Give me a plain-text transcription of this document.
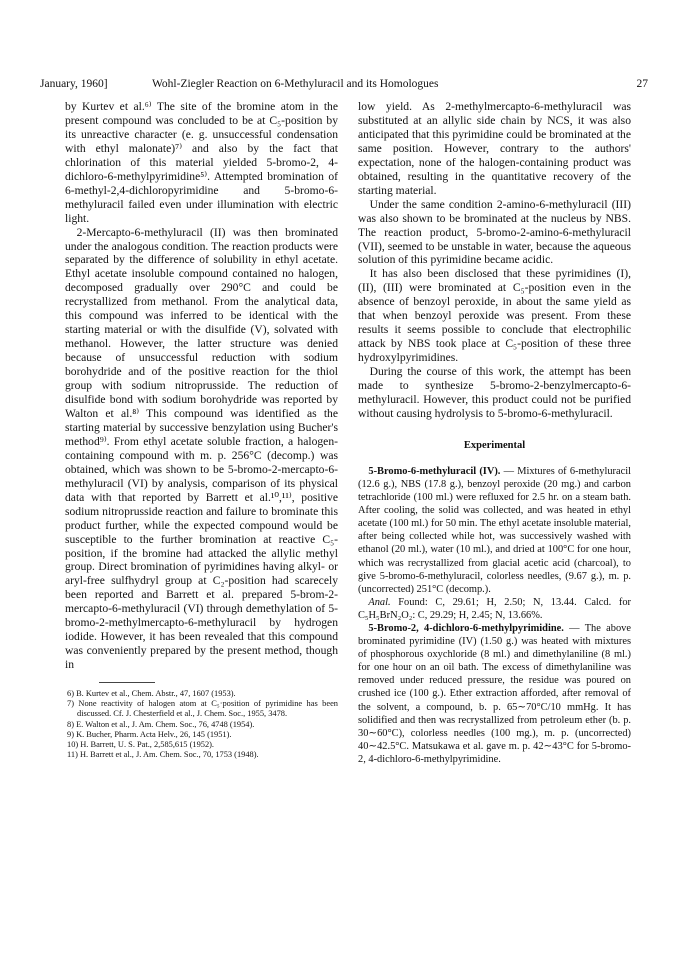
January, 1960]	Wohl-Ziegler Reaction on 6-Methyluracil and its Homologues	27

by Kurtev et al.⁶⁾ The site of the bromine atom in the present compound was concluded to be at C₅-position by its unreactive character (e. g. unsuccessful condensation with ethyl malonate)⁷⁾ and also by the fact that chlorination of this material yielded 5-bromo-2, 4-dichloro-6-methylpyrimidine⁵⁾. Attempted bromination of 6-methyl-2,4-dichloropyrimidine and 5-bromo-6-methyluracil failed even under illumination with electric light.

2-Mercapto-6-methyluracil (II) was then brominated under the analogous condition. The reaction products were separated by the difference of solubility in ethyl acetate. Ethyl acetate insoluble compound contained no halogen, decomposed gradually over 290°C and could be recrystallized from methanol. From the analytical data, this compound was inferred to be identical with the starting material or with the disulfide (V), solvated with methanol. However, the latter structure was denied because of unsuccessful reduction with sodium borohydride and of the positive reaction for the thiol group with sodium nitroprusside. The reduction of disulfide bond with sodium borohydride was reported by Walton et al.⁸⁾ This compound was identified as the starting material by successive benzylation using Bucher's method⁹⁾. From ethyl acetate soluble fraction, a halogen-containing compound with m. p. 256°C (decomp.) was obtained, which was shown to be 5-bromo-2-mercapto-6-methyluracil (VI) by analysis, comparison of its physical data with that reported by Barrett et al.¹⁰,¹¹⁾, positive sodium nitroprusside reaction and failure to brominate this product further, while the expected compound would be susceptible to the further bromination at reactive C₅-position, if the bromine had attacked the allylic methyl group. Direct bromination of pyrimidines having alkyl- or aryl-free sulfhydryl group at C₂-position had scarecely been reported and Barrett et al. prepared 5-brom-2-mercapto-6-methyluracil (VI) through demethylation of 5-bromo-2-methylmercapto-6-methyluracil by hydrogen iodide. However, it has been revealed that this compound was conveniently prepared by the present method, though in

6) B. Kurtev et al., Chem. Abstr., 47, 1607 (1953).

7) None reactivity of halogen atom at C₅·position of pyrimidine has been discussed. Cf. J. Chesterfield et al., J. Chem. Soc., 1955, 3478.

8) E. Walton et al., J. Am. Chem. Soc., 76, 4748 (1954).

9) K. Bucher, Pharm. Acta Helv., 26, 145 (1951).

10) H. Barrett, U. S. Pat., 2,585,615 (1952).

11) H. Barrett et al., J. Am. Chem. Soc., 70, 1753 (1948).

low yield. As 2-methylmercapto-6-methyluracil was substituted at an allylic side chain by NCS, it was also anticipated that this pyrimidine could be brominated at the same position. However, contrary to the authors' expectation, none of the halogen-containing product was obtained, resulting in the quantitative recovery of the starting material.

Under the same condition 2-amino-6-methyluracil (III) was also shown to be brominated at the nucleus by NBS. The reaction product, 5-bromo-2-amino-6-methyluracil (VII), seemed to be unstable in water, because the aqueous solution of this pyrimidine became acidic.

It has also been disclosed that these pyrimidines (I), (II), (III) were brominated at C₅-position even in the absence of benzoyl peroxide, in about the same yield as that when benzoyl peroxide was present. From these results it seems possible to conclude that electrophilic attack by NBS took place at C₅-position of these three hydroxylpyrimidines.

During the course of this work, the attempt has been made to synthesize 5-bromo-2-benzylmercapto-6-methyluracil. However, this product could not be purified without causing hydrolysis to 5-bromo-6-methyluracil.

Experimental

5-Bromo-6-methyluracil (IV). — Mixtures of 6-methyluracil (12.6 g.), NBS (17.8 g.), benzoyl peroxide (20 mg.) and carbon tetrachloride (100 ml.) were refluxed for 2.5 hr. on a steam bath. After cooling, the solid was collected, and was heated in ethyl acetate (100 ml.) for 50 min. The ethyl acetate insoluble material, after being collected while hot, was successively washed with ethanol (20 ml.), water (10 ml.), and dried at 100°C for one hour, which was recrystallized from glacial acetic acid (charcoal), to give 5-bromo-6-methyluracil, colorless needles, (9.67 g.), m. p. (uncorrected) 251°C (decomp.).

Anal. Found: C, 29.61; H, 2.50; N, 13.44. Calcd. for C₅H₅BrN₂O₂: C, 29.29; H, 2.45; N, 13.66%.

5-Bromo-2, 4-dichloro-6-methylpyrimidine. — The above brominated pyrimidine (IV) (1.50 g.) was heated with mixtures of phosphorous oxychloride (8 ml.) and dimethylaniline (8 ml.) for one hour on an oil bath. The excess of dimethylaniline was removed under reduced pressure, the residue was poured on crushed ice (100 g.). Ether extraction afforded, after removal of the solvent, a compound, b. p. 65∼70°C/10 mmHg. It has solidified and then was recrystallized from petroleum ether (b. p. 30∼60°C), colorless needles (100 mg.), m. p. (uncorrected) 40∼42.5°C. Matsukawa et al. gave m. p. 42∼43°C for 5-bromo-2, 4-dichloro-6-methylpyrimidine.
